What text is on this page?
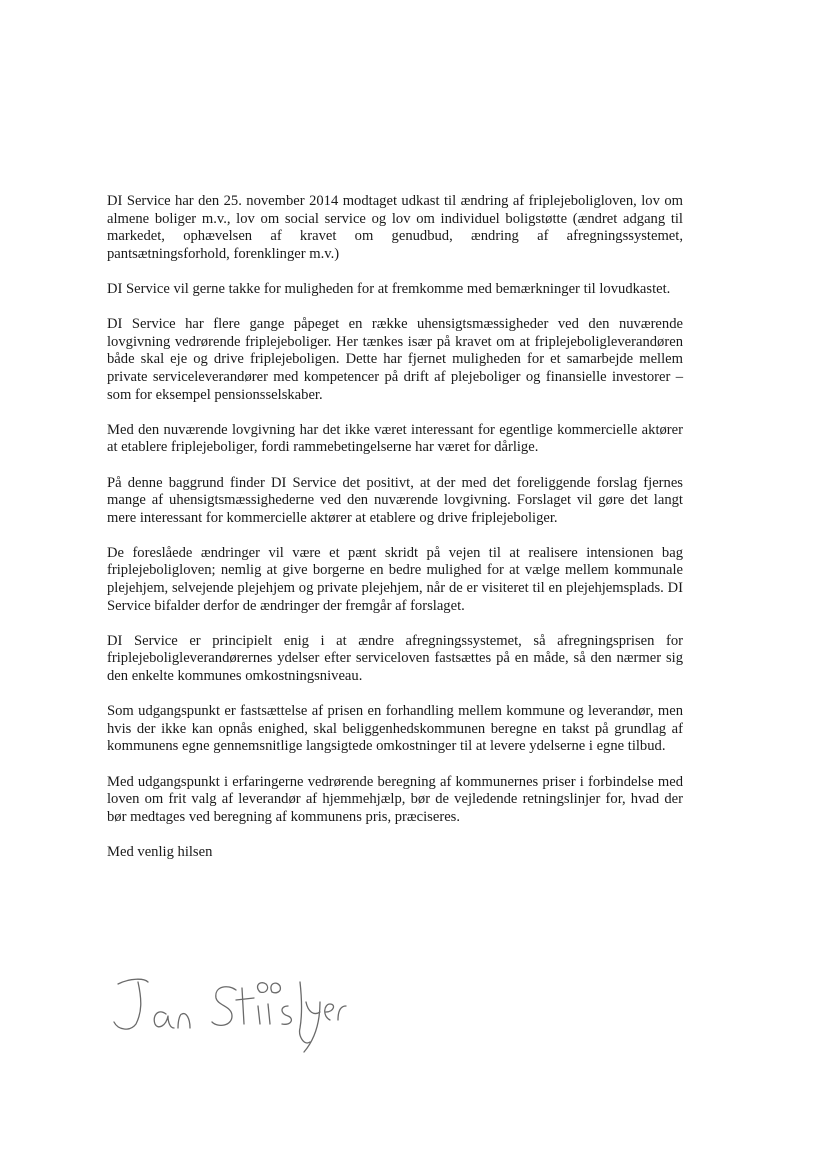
DI Service har den 25. november 2014 modtaget udkast til ændring af friplejeboligloven, lov om almene boliger m.v., lov om social service og lov om individuel boligstøtte (ændret adgang til markedet, ophævelsen af kravet om genudbud, ændring af afregningssystemet, pantsætningsforhold, forenklinger m.v.)

DI Service vil gerne takke for muligheden for at fremkomme med bemærkninger til lovudkastet.

DI Service har flere gange påpeget en række uhensigtsmæssigheder ved den nuværende lovgivning vedrørende friplejeboliger. Her tænkes især på kravet om at friplejeboligleverandøren både skal eje og drive friplejeboligen. Dette har fjernet muligheden for et samarbejde mellem private serviceleverandører med kompetencer på drift af plejeboliger og finansielle investorer – som for eksempel pensionsselskaber.

Med den nuværende lovgivning har det ikke været interessant for egentlige kommercielle aktører at etablere friplejeboliger, fordi rammebetingelserne har været for dårlige.

På denne baggrund finder DI Service det positivt, at der med det foreliggende forslag fjernes mange af uhensigtsmæssighederne ved den nuværende lovgivning. Forslaget vil gøre det langt mere interessant for kommercielle aktører at etablere og drive friplejeboliger.

De foreslåede ændringer vil være et pænt skridt på vejen til at realisere intensionen bag friplejeboligloven; nemlig at give borgerne en bedre mulighed for at vælge mellem kommunale plejehjem, selvejende plejehjem og private plejehjem, når de er visiteret til en plejehjemsplads. DI Service bifalder derfor de ændringer der fremgår af forslaget.

DI Service er principielt enig i at ændre afregningssystemet, så afregningsprisen for friplejeboligleverandørernes ydelser efter serviceloven fastsættes på en måde, så den nærmer sig den enkelte kommunes omkostningsniveau.

Som udgangspunkt er fastsættelse af prisen en forhandling mellem kommune og leverandør, men hvis der ikke kan opnås enighed, skal beliggenhedskommunen beregne en takst på grundlag af kommunens egne gennemsnitlige langsigtede omkostninger til at levere ydelserne i egne tilbud.

Med udgangspunkt i erfaringerne vedrørende beregning af kommunernes priser i forbindelse med loven om frit valg af leverandør af hjemmehjælp, bør de vejledende retningslinjer for, hvad der bør medtages ved beregning af kommunens pris, præciseres.

Med venlig hilsen
